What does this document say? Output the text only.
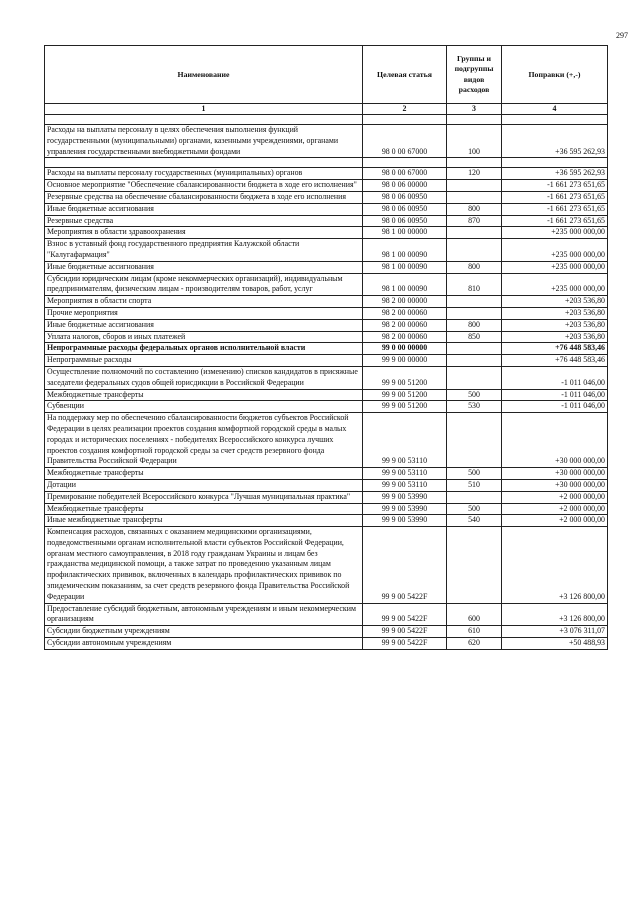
297
Наименование	Целевая статья	Группы и подгруппы видов расходов	Поправки (+,-)
1	2	3	4

Расходы на выплаты персоналу в целях обеспечения выполнения функций государственными (муниципальными) органами, казенными учреждениями, органами управления государственными внебюджетными фондами	98 0 00 67000	100	+36 595 262,93

Расходы на выплаты персоналу государственных (муниципальных) органов	98 0 00 67000	120	+36 595 262,93
Основное мероприятие "Обеспечение сбалансированности бюджета в ходе его исполнения"	98 0 06 00000		-1 661 273 651,65
Резервные средства на обеспечение сбалансированности бюджета в ходе его исполнения	98 0 06 00950		-1 661 273 651,65
Иные бюджетные ассигнования	98 0 06 00950	800	-1 661 273 651,65
Резервные средства	98 0 06 00950	870	-1 661 273 651,65
Мероприятия в области здравоохранения	98 1 00 00000		+235 000 000,00
Взнос в уставный фонд государственного предприятия Калужской области "Калугафармация"	98 1 00 00090		+235 000 000,00
Иные бюджетные ассигнования	98 1 00 00090	800	+235 000 000,00
Субсидии юридическим лицам (кроме некоммерческих организаций), индивидуальным предпринимателям, физическим лицам - производителям товаров, работ, услуг	98 1 00 00090	810	+235 000 000,00
Мероприятия в области спорта	98 2 00 00000		+203 536,80
Прочие мероприятия	98 2 00 00060		+203 536,80
Иные бюджетные ассигнования	98 2 00 00060	800	+203 536,80
Уплата налогов, сборов и иных платежей	98 2 00 00060	850	+203 536,80
Непрограммные расходы федеральных органов исполнительной власти	99 0 00 00000		+76 448 583,46
Непрограммные расходы	99 9 00 00000		+76 448 583,46
Осуществление полномочий по составлению (изменению) списков кандидатов в присяжные заседатели федеральных судов общей юрисдикции в Российской Федерации	99 9 00 51200		-1 011 046,00
Межбюджетные трансферты	99 9 00 51200	500	-1 011 046,00
Субвенции	99 9 00 51200	530	-1 011 046,00
На поддержку мер по обеспечению сбалансированности бюджетов субъектов Российской Федерации в целях реализации проектов создания комфортной городской среды в малых городах и исторических поселениях - победителях Всероссийского конкурса лучших проектов создания комфортной городской среды за счет средств резервного фонда Правительства Российской Федерации	99 9 00 53110		+30 000 000,00
Межбюджетные трансферты	99 9 00 53110	500	+30 000 000,00
Дотации	99 9 00 53110	510	+30 000 000,00
Премирование победителей Всероссийского конкурса "Лучшая муниципальная практика"	99 9 00 53990		+2 000 000,00
Межбюджетные трансферты	99 9 00 53990	500	+2 000 000,00
Иные межбюджетные трансферты	99 9 00 53990	540	+2 000 000,00
Компенсация расходов, связанных с оказанием медицинскими организациями, подведомственными органам исполнительной власти субъектов Российской Федерации, органам местного самоуправления, в 2018 году гражданам Украины и лицам без гражданства медицинской помощи, а также затрат по проведению указанным лицам профилактических прививок, включенных в календарь профилактических прививок по эпидемическим показаниям, за счет средств резервного фонда Правительства Российской Федерации	99 9 00 5422F		+3 126 800,00
Предоставление субсидий бюджетным, автономным учреждениям и иным некоммерческим организациям	99 9 00 5422F	600	+3 126 800,00
Субсидии бюджетным учреждениям	99 9 00 5422F	610	+3 076 311,07
Субсидии автономным учреждениям	99 9 00 5422F	620	+50 488,93
